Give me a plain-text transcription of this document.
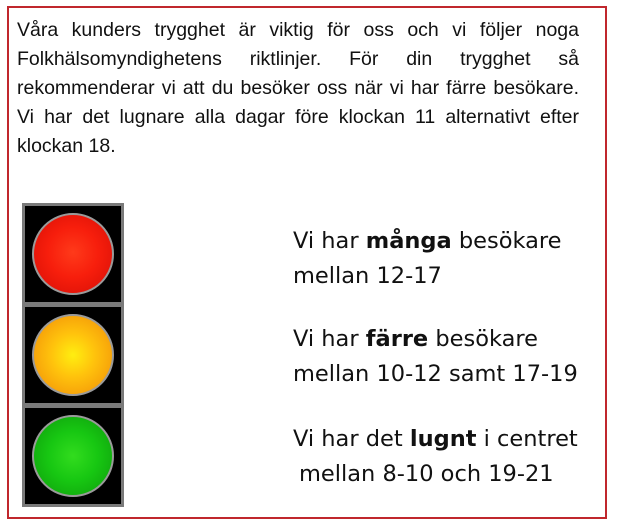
Våra kunders trygghet är viktig för oss och vi följer noga Folkhälsomyndighetens riktlinjer. För din trygghet så rekommenderar vi att du besöker oss när vi har färre besökare. Vi har det lugnare alla dagar före klockan 11 alternativt efter klockan 18.

Vi har många besökare
mellan 12-17
Vi har färre besökare
mellan 10-12 samt 17-19
Vi har det lugnt i centret
mellan 8-10 och 19-21
